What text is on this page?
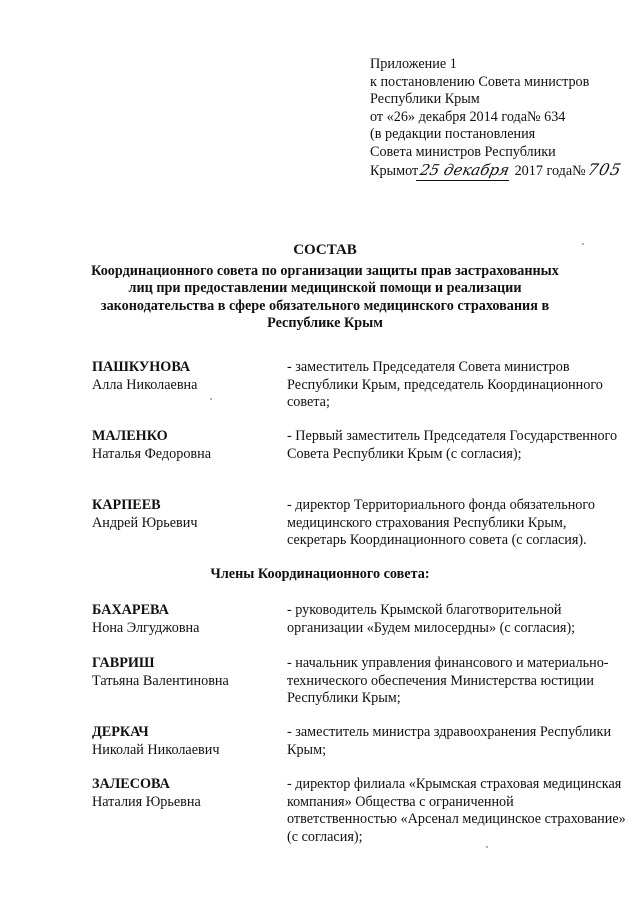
Приложение 1
к постановлению Совета министров
Республики Крым
от «26» декабря 2014 года№ 634
(в редакции постановления
Совета министров Республики
Крымот25 декабря 2017 года№705
СОСТАВ
Координационного совета по организации защиты прав застрахованных лиц при предоставлении медицинской помощи и реализации законодательства в сфере обязательного медицинского страхования в Республике Крым
ПАШКУНОВА
Алла Николаевна
- заместитель Председателя Совета министров Республики Крым, председатель Координационного совета;
МАЛЕНКО
Наталья Федоровна
- Первый заместитель Председателя Государственного Совета Республики Крым (с согласия);
КАРПЕЕВ
Андрей Юрьевич
- директор Территориального фонда обязательного медицинского страхования Республики Крым, секретарь Координационного совета (с согласия).
Члены Координационного совета:
БАХАРЕВА
Нона Элгуджовна
- руководитель Крымской благотворительной организации «Будем милосердны» (с согласия);
ГАВРИШ
Татьяна Валентиновна
- начальник управления финансового и материально- технического обеспечения Министерства юстиции Республики Крым;
ДЕРКАЧ
Николай Николаевич
- заместитель министра здравоохранения Республики Крым;
ЗАЛЕСОВА
Наталия Юрьевна
- директор филиала «Крымская страховая медицинская компания» Общества с ограниченной ответственностью «Арсенал медицинское страхование» (с согласия);
